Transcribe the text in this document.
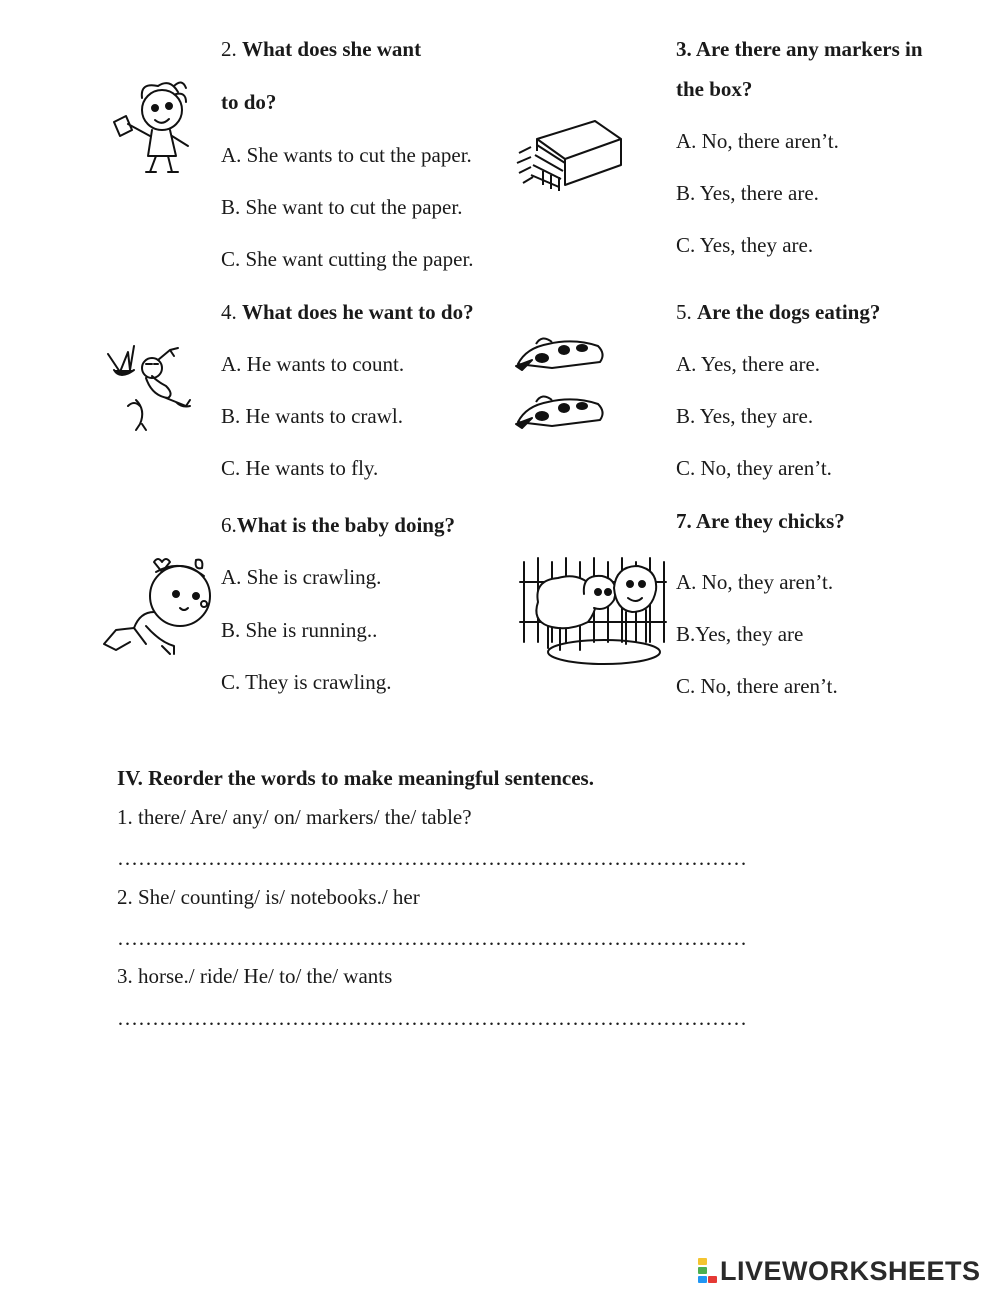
2. What does she want
to do?
A. She wants to cut the paper.
B. She want to cut the paper.
C. She want cutting the paper.
3. Are there any markers in
the box?
A. No, there aren’t.
B. Yes, there are.
C. Yes, they are.
4. What does he want to do?
A. He wants to count.
B. He wants to crawl.
C. He wants to fly.
5. Are the dogs eating?
A. Yes, there are.
B. Yes, they are.
C. No, they aren’t.
6.What is the baby doing?
A. She is crawling.
B. She is running..
C. They is crawling.
7. Are they chicks?
A. No, they aren’t.
B.Yes, they are
C. No, there aren’t.
IV. Reorder the words to make meaningful sentences.
1. there/ Are/ any/ on/ markers/ the/ table?
………………………………………………………………………………
2. She/ counting/ is/ notebooks./ her
………………………………………………………………………………
3. horse./ ride/ He/ to/ the/ wants
………………………………………………………………………………
LIVEWORKSHEETS
